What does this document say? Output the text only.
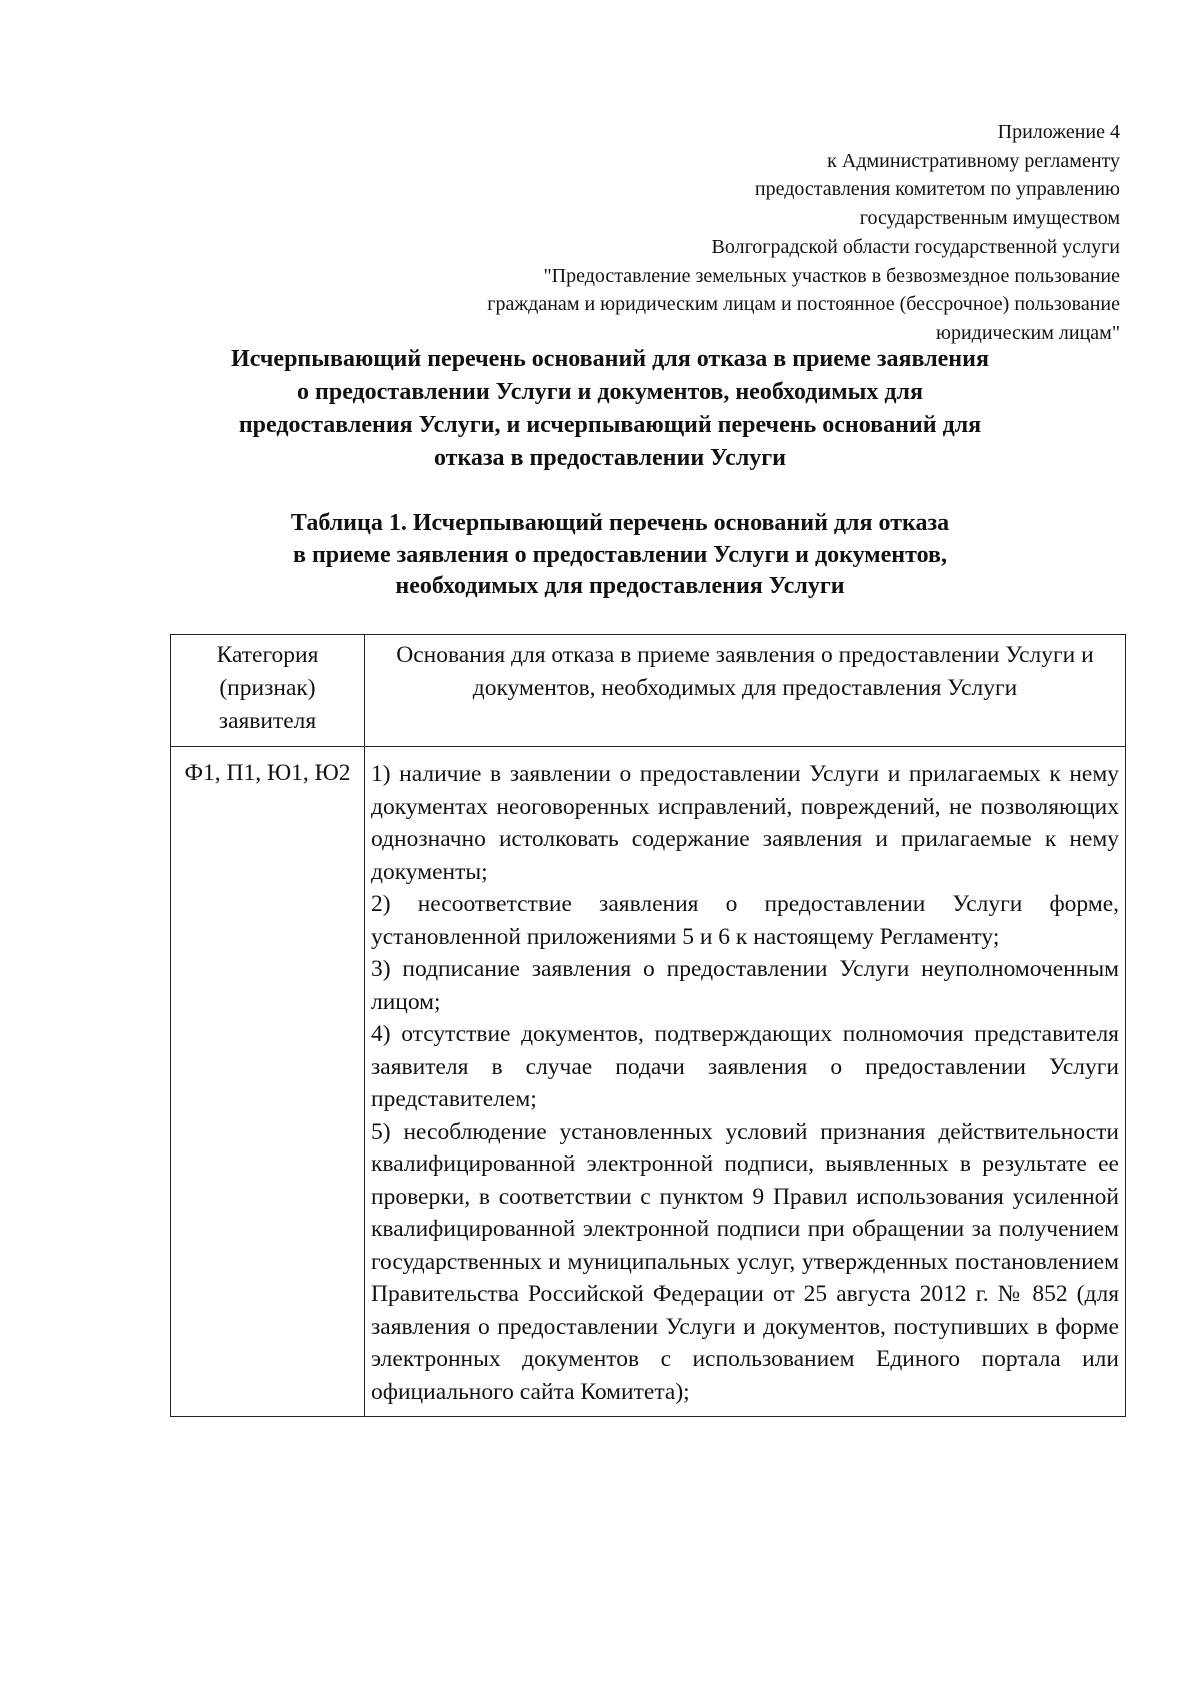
Приложение 4
к Административному регламенту
предоставления комитетом по управлению
государственным имуществом
Волгоградской области государственной услуги
"Предоставление земельных участков в безвозмездное пользование
гражданам и юридическим лицам и постоянное (бессрочное) пользование
юридическим лицам"
Исчерпывающий перечень оснований для отказа в приеме заявления
о предоставлении Услуги и документов, необходимых для
предоставления Услуги, и исчерпывающий перечень оснований для
отказа в предоставлении Услуги
Таблица 1. Исчерпывающий перечень оснований для отказа
в приеме заявления о предоставлении Услуги и документов,
необходимых для предоставления Услуги
Категория (признак) заявителя	Основания для отказа в приеме заявления о предоставлении Услуги и документов, необходимых для предоставления Услуги
Ф1, П1, Ю1, Ю2	1) наличие в заявлении о предоставлении Услуги и прилагаемых к нему документах неоговоренных исправлений, повреждений, не позволяющих однозначно истолковать содержание заявления и прилагаемые к нему документы;
2) несоответствие заявления о предоставлении Услуги форме, установленной приложениями 5 и 6 к настоящему Регламенту;
3) подписание заявления о предоставлении Услуги неуполномоченным лицом;
4) отсутствие документов, подтверждающих полномочия представителя заявителя в случае подачи заявления о предоставлении Услуги представителем;
5) несоблюдение установленных условий признания действительности квалифицированной электронной подписи, выявленных в результате ее проверки, в соответствии с пунктом 9 Правил использования усиленной квалифицированной электронной подписи при обращении за получением государственных и муниципальных услуг, утвержденных постановлением Правительства Российской Федерации от 25 августа 2012 г. № 852 (для заявления о предоставлении Услуги и документов, поступивших в форме электронных документов с использованием Единого портала или официального сайта Комитета);
